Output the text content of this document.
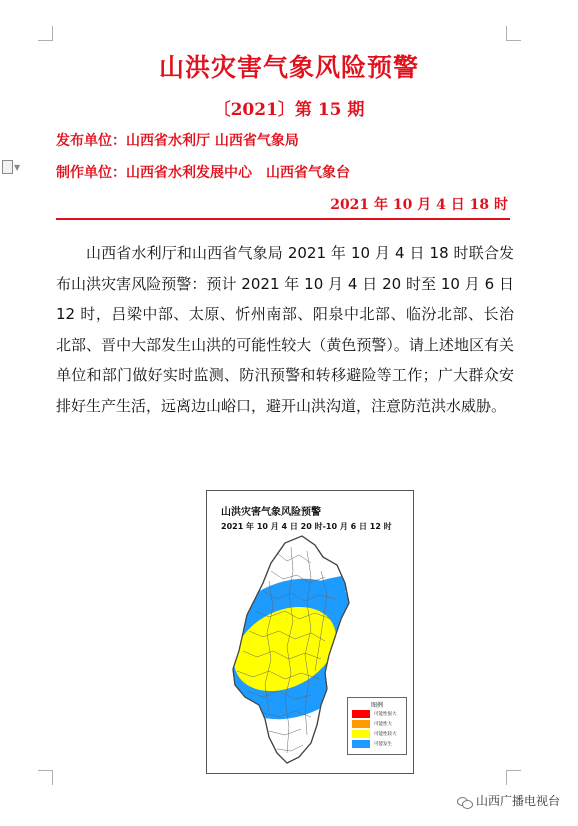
▼
山洪灾害气象风险预警
〔2021〕第 15 期
发布单位：山西省水利厅 山西省气象局
制作单位：山西省水利发展中心　山西省气象台
2021 年 10 月 4 日 18 时
山西省水利厅和山西省气象局 2021 年 10 月 4 日 18 时联合发布山洪灾害风险预警：预计 2021 年 10 月 4 日 20 时至 10 月 6 日 12 时，吕梁中部、太原、忻州南部、阳泉中北部、临汾北部、长治北部、晋中大部发生山洪的可能性较大（黄色预警）。请上述地区有关单位和部门做好实时监测、防汛预警和转移避险等工作；广大群众安排好生产生活，远离边山峪口，避开山洪沟道，注意防范洪水威胁。
山洪灾害气象风险预警
2021 年 10 月 4 日 20 时-10 月 6 日 12 时
图例
可能性很大
可能性大
可能性较大
可能发生
山西广播电视台
